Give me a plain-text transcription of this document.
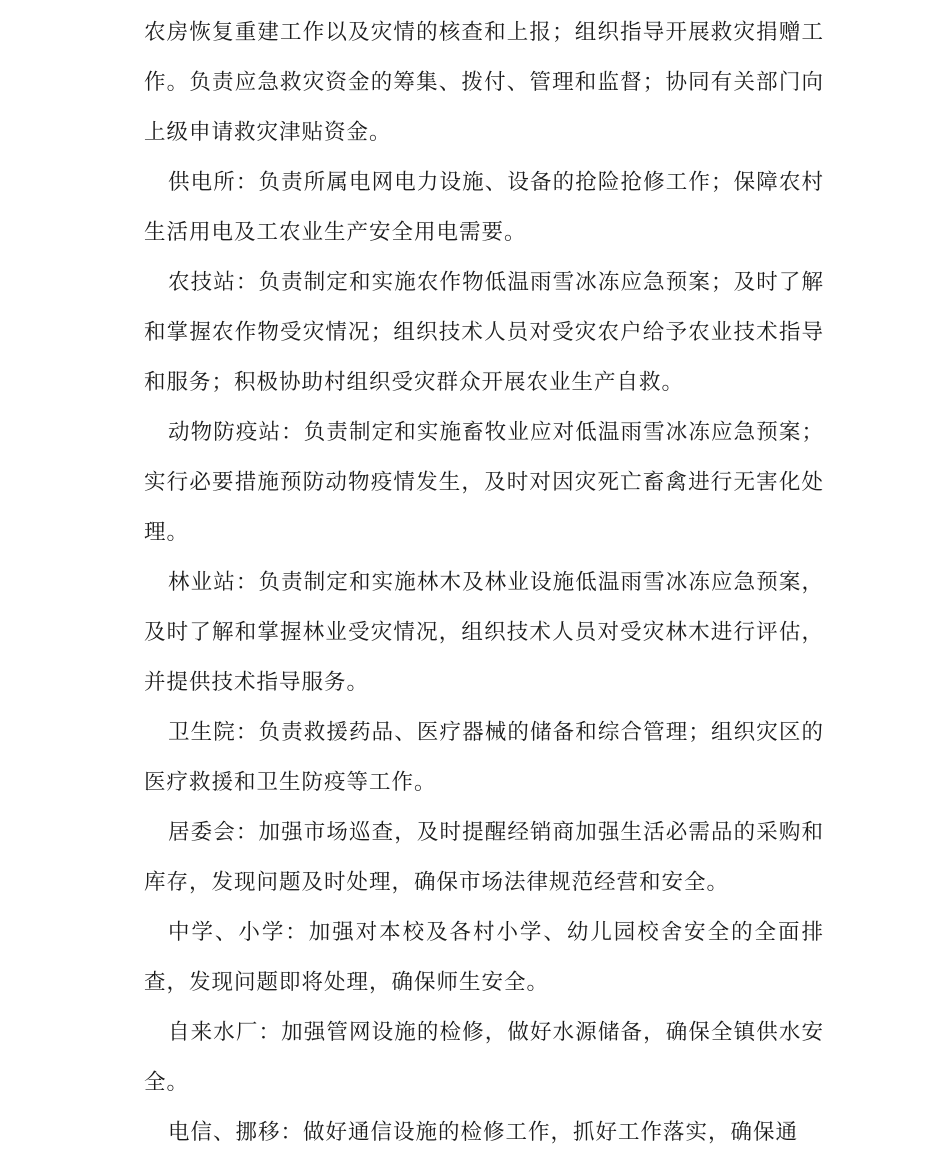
农房恢复重建工作以及灾情的核查和上报；组织指导开展救灾捐赠工作。负责应急救灾资金的筹集、拨付、管理和监督；协同有关部门向上级申请救灾津贴资金。

供电所：负责所属电网电力设施、设备的抢险抢修工作；保障农村生活用电及工农业生产安全用电需要。

农技站：负责制定和实施农作物低温雨雪冰冻应急预案；及时了解和掌握农作物受灾情况；组织技术人员对受灾农户给予农业技术指导和服务；积极协助村组织受灾群众开展农业生产自救。

动物防疫站：负责制定和实施畜牧业应对低温雨雪冰冻应急预案；实行必要措施预防动物疫情发生，及时对因灾死亡畜禽进行无害化处理。

林业站：负责制定和实施林木及林业设施低温雨雪冰冻应急预案，及时了解和掌握林业受灾情况，组织技术人员对受灾林木进行评估，并提供技术指导服务。

卫生院：负责救援药品、医疗器械的储备和综合管理；组织灾区的医疗救援和卫生防疫等工作。

居委会：加强市场巡查，及时提醒经销商加强生活必需品的采购和库存，发现问题及时处理，确保市场法律规范经营和安全。

中学、小学：加强对本校及各村小学、幼儿园校舍安全的全面排查，发现问题即将处理，确保师生安全。

自来水厂：加强管网设施的检修，做好水源储备，确保全镇供水安全。

电信、挪移：做好通信设施的检修工作，抓好工作落实，确保通
